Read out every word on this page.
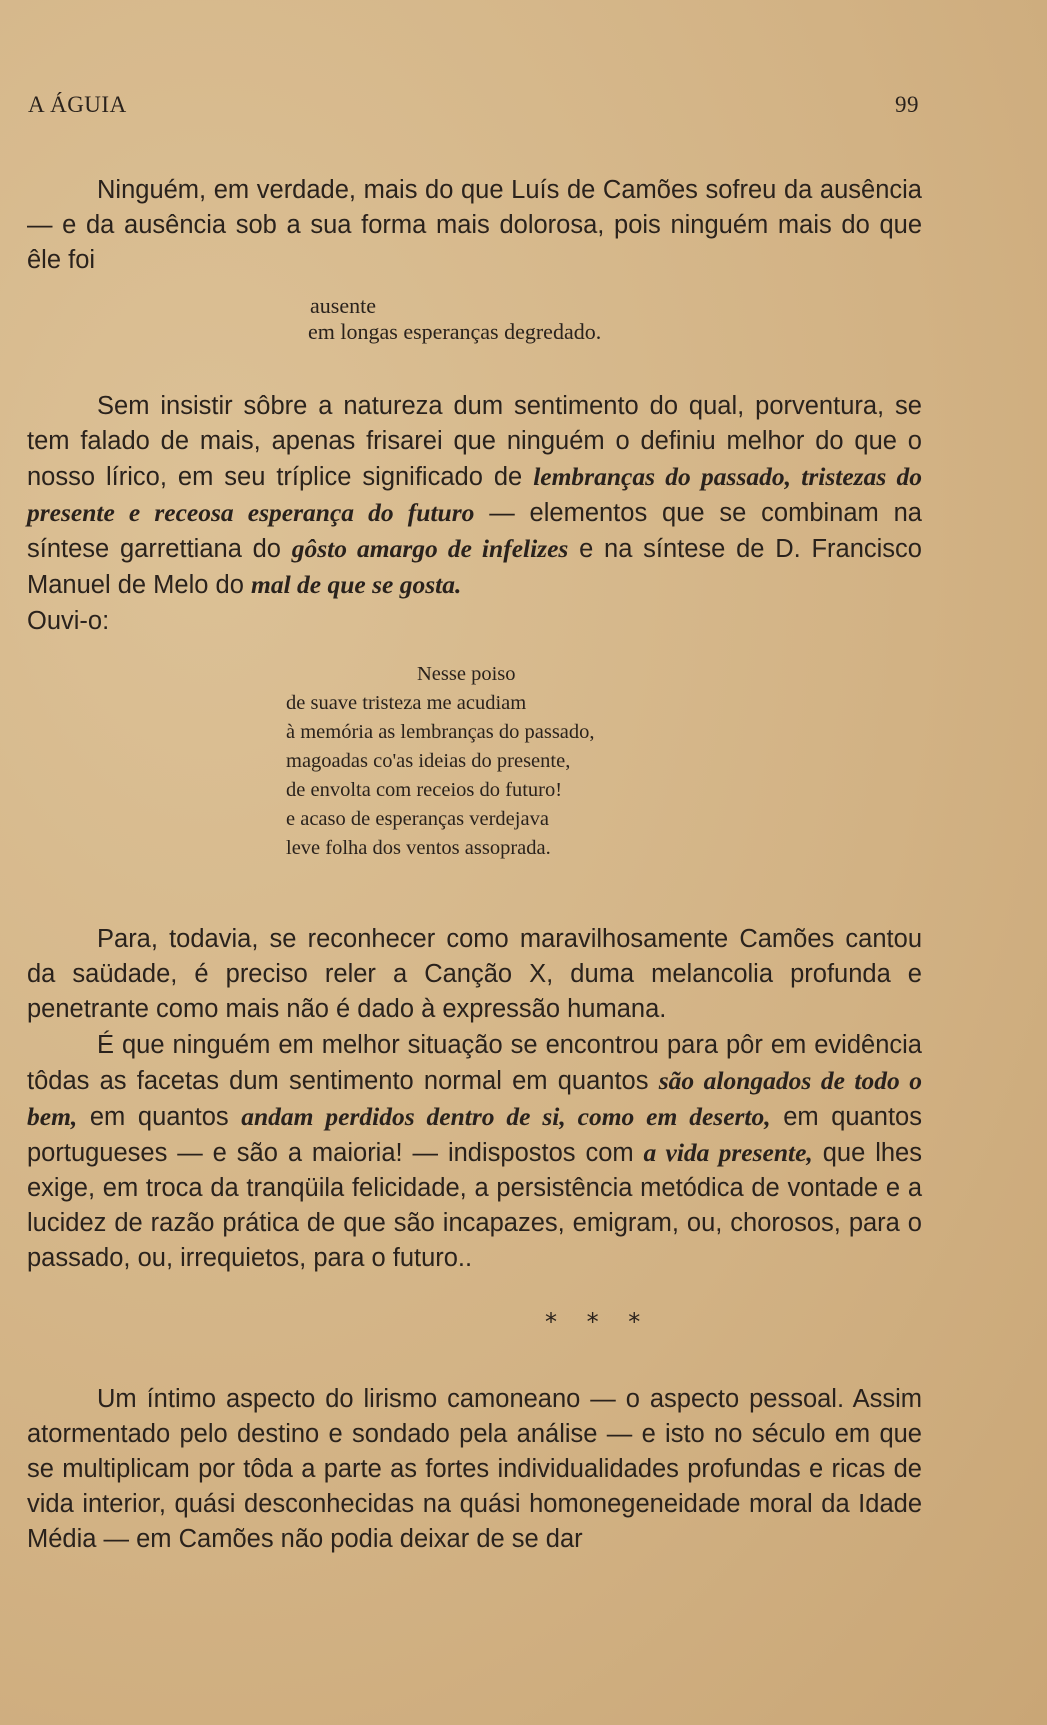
A ÁGUIA	99

Ninguém, em verdade, mais do que Luís de Camões sofreu da ausência — e da ausência sob a sua forma mais dolorosa, pois ninguém mais do que êle foi

ausente
em longas esperanças degredado.

Sem insistir sôbre a natureza dum sentimento do qual, porventura, se tem falado de mais, apenas frisarei que ninguém o definiu melhor do que o nosso lírico, em seu tríplice significado de lembranças do passado, tristezas do presente e receosa esperança do futuro — elementos que se combinam na síntese garrettiana do gôsto amargo de infelizes e na síntese de D. Francisco Manuel de Melo do mal de que se gosta.

Ouvi-o:

Nesse poiso
de suave tristeza me acudiam
à memória as lembranças do passado,
magoadas co'as ideias do presente,
de envolta com receios do futuro!
e acaso de esperanças verdejava
leve folha dos ventos assoprada.

Para, todavia, se reconhecer como maravilhosamente Camões cantou da saüdade, é preciso reler a Canção X, duma melancolia profunda e penetrante como mais não é dado à expressão humana.

É que ninguém em melhor situação se encontrou para pôr em evidência tôdas as facetas dum sentimento normal em quantos são alongados de todo o bem, em quantos andam perdidos dentro de si, como em deserto, em quantos portugueses — e são a maioria! — indispostos com a vida presente, que lhes exige, em troca da tranqüila felicidade, a persistência metódica de vontade e a lucidez de razão prática de que são incapazes, emigram, ou, chorosos, para o passado, ou, irrequietos, para o futuro..

* * *

Um íntimo aspecto do lirismo camoneano — o aspecto pessoal. Assim atormentado pelo destino e sondado pela análise — e isto no século em que se multiplicam por tôda a parte as fortes individualidades profundas e ricas de vida interior, quási desconhecidas na quási homonegeneidade moral da Idade Média — em Camões não podia deixar de se dar
